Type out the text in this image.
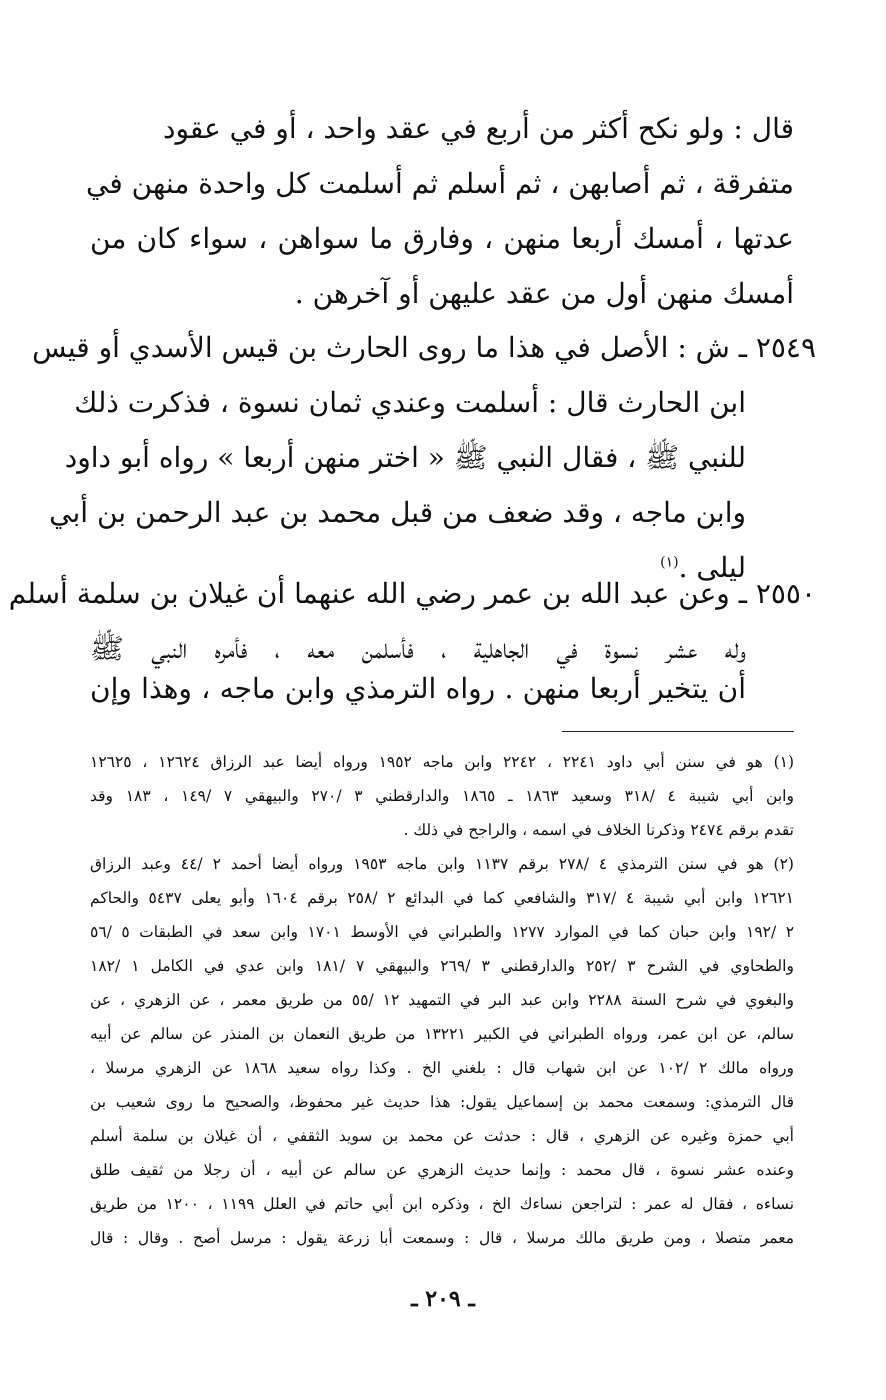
قال : ولو نكح أكثر من أربع في عقد واحد ، أو في عقود
متفرقة ، ثم أصابهن ، ثم أسلم ثم أسلمت كل واحدة منهن في
عدتها ، أمسك أربعا منهن ، وفارق ما سواهن ، سواء كان من
أمسك منهن أول من عقد عليهن أو آخرهن .
٢٥٤٩ ـ ش : الأصل في هذا ما روى الحارث بن قيس الأسدي أو قيس
ابن الحارث قال : أسلمت وعندي ثمان نسوة ، فذكرت ذلك
للنبي ﷺ ، فقال النبي ﷺ « اختر منهن أربعا » رواه أبو داود
وابن ماجه ، وقد ضعف من قبل محمد بن عبد الرحمن بن أبي
ليلى .$^{(١)}$
٢٥٥٠ ـ وعن عبد الله بن عمر رضي الله عنهما أن غيلان بن سلمة أسلم
وله عشر نسوة في الجاهلية ، فأسلمن معه ، فأمره النبي ﷺ
أن يتخير أربعا منهن . رواه الترمذي وابن ماجه ، وهذا وإن
(١) هو في سنن أبي داود ٢٢٤١ ، ٢٢٤٢ وابن ماجه ١٩٥٢ ورواه أيضا عبد الرزاق ١٢٦٢٤ ، ١٢٦٢٥
وابن أبي شيبة ٤ /٣١٨ وسعيد ١٨٦٣ ـ ١٨٦٥ والدارقطني ٣ /٢٧٠ والبيهقي ٧ /١٤٩ ، ١٨٣ وقد
تقدم برقم ٢٤٧٤ وذكرنا الخلاف في اسمه ، والراجح في ذلك .
(٢) هو في سنن الترمذي ٤ /٢٧٨ برقم ١١٣٧ وابن ماجه ١٩٥٣ ورواه أيضا أحمد ٢ /٤٤ وعبد الرزاق
١٢٦٢١ وابن أبي شيبة ٤ /٣١٧ والشافعي كما في البدائع ٢ /٢٥٨ برقم ١٦٠٤ وأبو يعلى ٥٤٣٧ والحاكم
٢ /١٩٢ وابن حبان كما في الموارد ١٢٧٧ والطبراني في الأوسط ١٧٠١ وابن سعد في الطبقات ٥ /٥٦
والطحاوي في الشرح ٣ /٢٥٢ والدارقطني ٣ /٢٦٩ والبيهقي ٧ /١٨١ وابن عدي في الكامل ١ /١٨٢
والبغوي في شرح السنة ٢٢٨٨ وابن عبد البر في التمهيد ١٢ /٥٥ من طريق معمر ، عن الزهري ، عن
سالم، عن ابن عمر، ورواه الطبراني في الكبير ١٣٢٢١ من طريق النعمان بن المنذر عن سالم عن أبيه
ورواه مالك ٢ /١٠٢ عن ابن شهاب قال : بلغني الخ . وكذا رواه سعيد ١٨٦٨ عن الزهري مرسلا ،
قال الترمذي: وسمعت محمد بن إسماعيل يقول: هذا حديث غير محفوظ، والصحيح ما روى شعيب بن
أبي حمزة وغيره عن الزهري ، قال : حدثت عن محمد بن سويد الثقفي ، أن غيلان بن سلمة أسلم
وعنده عشر نسوة ، قال محمد : وإنما حديث الزهري عن سالم عن أبيه ، أن رجلا من ثقيف طلق
نساءه ، فقال له عمر : لتراجعن نساءك الخ ، وذكره ابن أبي حاتم في العلل ١١٩٩ ، ١٢٠٠ من طريق
معمر متصلا ، ومن طريق مالك مرسلا ، قال : وسمعت أبا زرعة يقول : مرسل أصح . وقال : قال
ـ ٢٠٩ ـ
